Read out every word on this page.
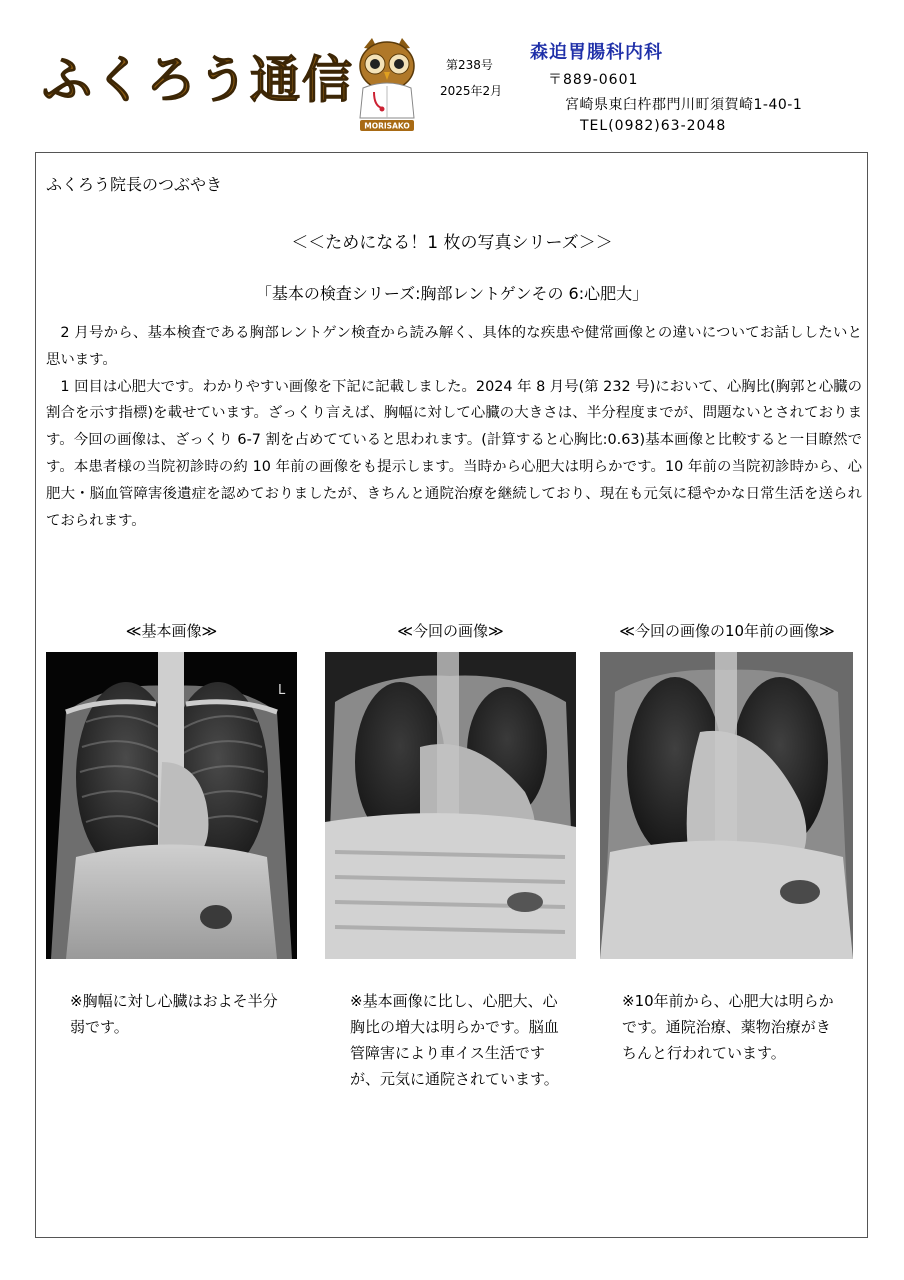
ふくろう通信
MORISAKO
第238号
2025年2月
森迫胃腸科内科
〒889-0601
宮崎県東臼杵郡門川町須賀崎1-40-1
TEL(0982)63-2048
ふくろう院長のつぶやき
＜＜ためになる！1 枚の写真シリーズ＞＞
「基本の検査シリーズ:胸部レントゲンその 6:心肥大」

2 月号から、基本検査である胸部レントゲン検査から読み解く、具体的な疾患や健常画像との違いについてお話ししたいと思います。

1 回目は心肥大です。わかりやすい画像を下記に記載しました。2024 年 8 月号(第 232 号)において、心胸比(胸郭と心臓の割合を示す指標)を載せています。ざっくり言えば、胸幅に対して心臓の大きさは、半分程度までが、問題ないとされております。今回の画像は、ざっくり 6-7 割を占めてていると思われます。(計算すると心胸比:0.63)基本画像と比較すると一目瞭然です。本患者様の当院初診時の約 10 年前の画像をも提示します。当時から心肥大は明らかです。10 年前の当院初診時から、心肥大・脳血管障害後遺症を認めておりましたが、きちんと通院治療を継続しており、現在も元気に穏やかな日常生活を送られておられます。

≪基本画像≫	≪今回の画像≫	≪今回の画像の10年前の画像≫
L
※胸幅に対し心臓はおよそ半分弱です。
※基本画像に比し、心肥大、心胸比の増大は明らかです。脳血管障害により車イス生活ですが、元気に通院されています。
※10年前から、心肥大は明らかです。通院治療、薬物治療がきちんと行われています。
